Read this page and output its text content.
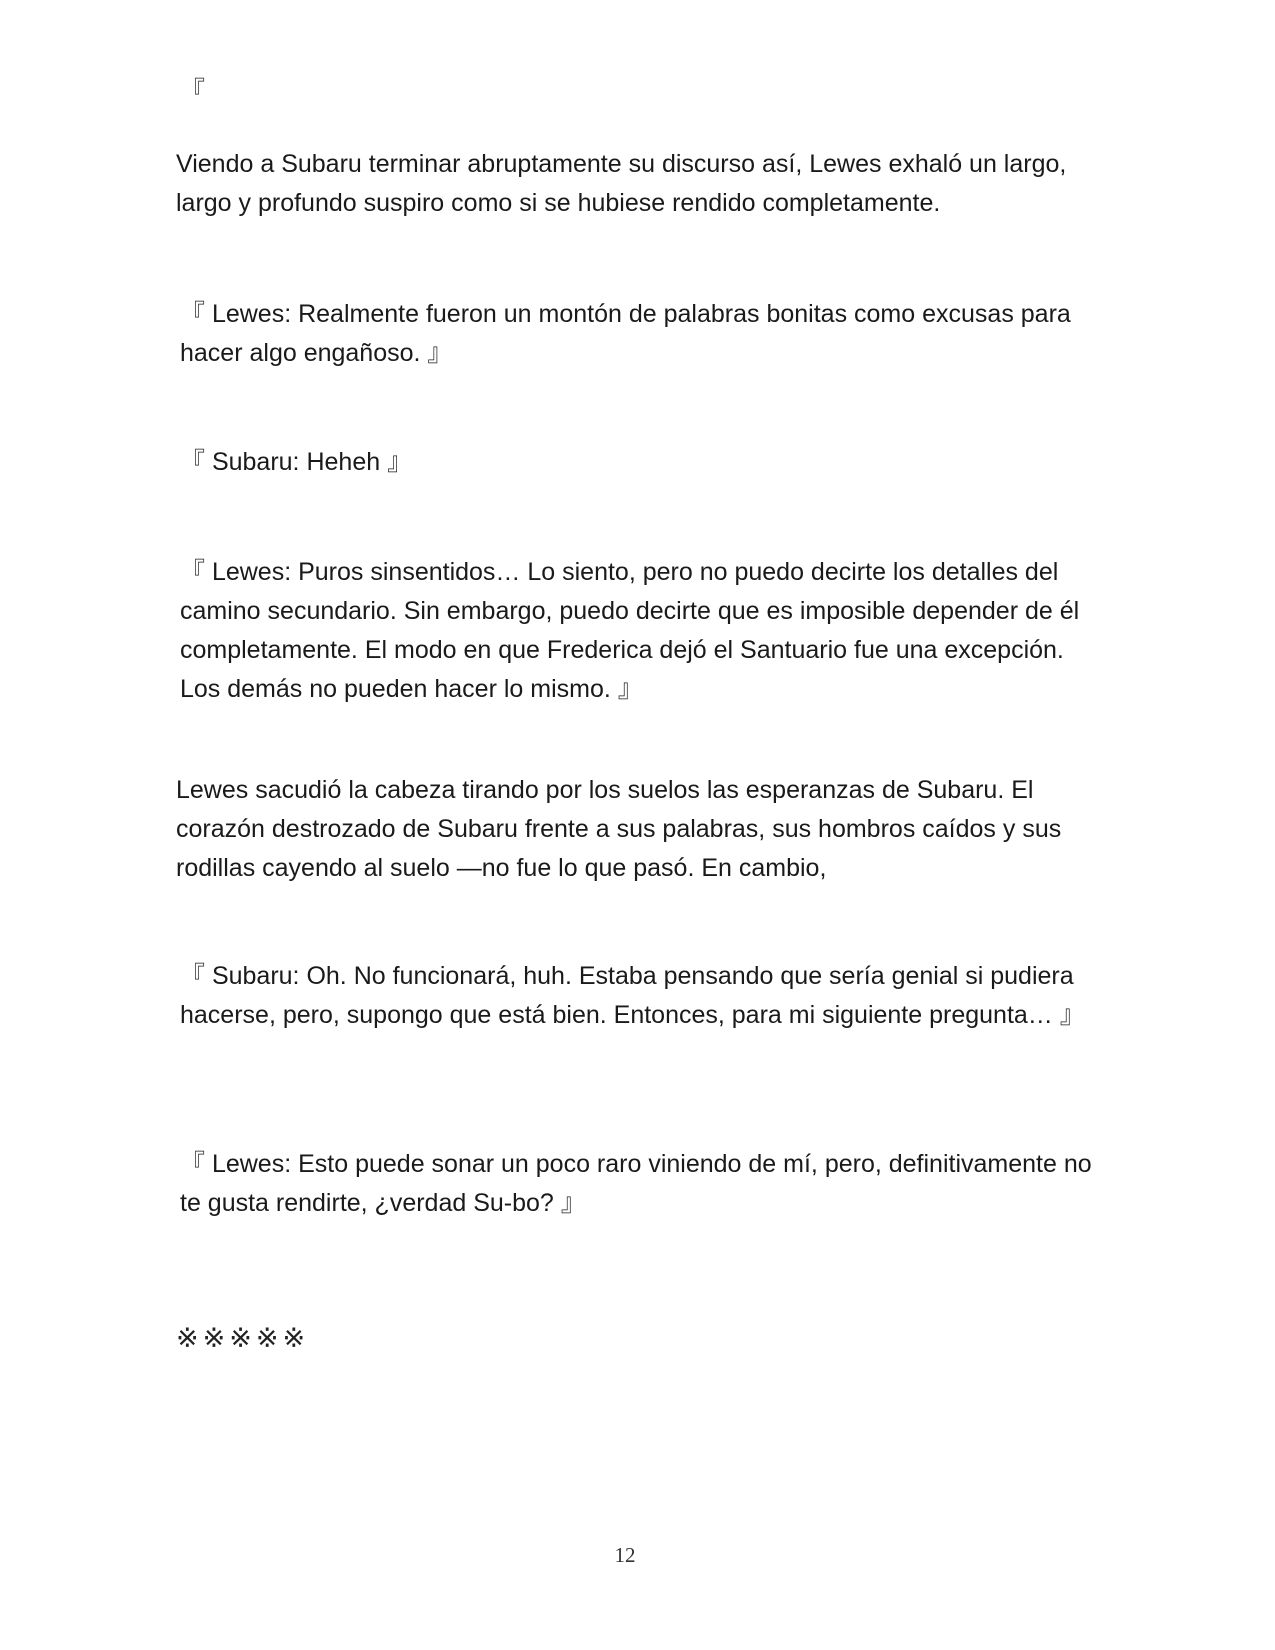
『

Viendo a Subaru terminar abruptamente su discurso así, Lewes exhaló un largo, largo y profundo suspiro como si se hubiese rendido completamente.

『 Lewes: Realmente fueron un montón de palabras bonitas como excusas para hacer algo engañoso. 』

『 Subaru: Heheh 』

『 Lewes: Puros sinsentidos… Lo siento, pero no puedo decirte los detalles del camino secundario. Sin embargo, puedo decirte que es imposible depender de él completamente. El modo en que Frederica dejó el Santuario fue una excepción. Los demás no pueden hacer lo mismo. 』

Lewes sacudió la cabeza tirando por los suelos las esperanzas de Subaru. El corazón destrozado de Subaru frente a sus palabras, sus hombros caídos y sus rodillas cayendo al suelo —no fue lo que pasó. En cambio,

『 Subaru: Oh. No funcionará, huh. Estaba pensando que sería genial si pudiera hacerse, pero, supongo que está bien. Entonces, para mi siguiente pregunta… 』

『 Lewes: Esto puede sonar un poco raro viniendo de mí, pero, definitivamente no te gusta rendirte, ¿verdad Su-bo? 』

※※※※※
12
